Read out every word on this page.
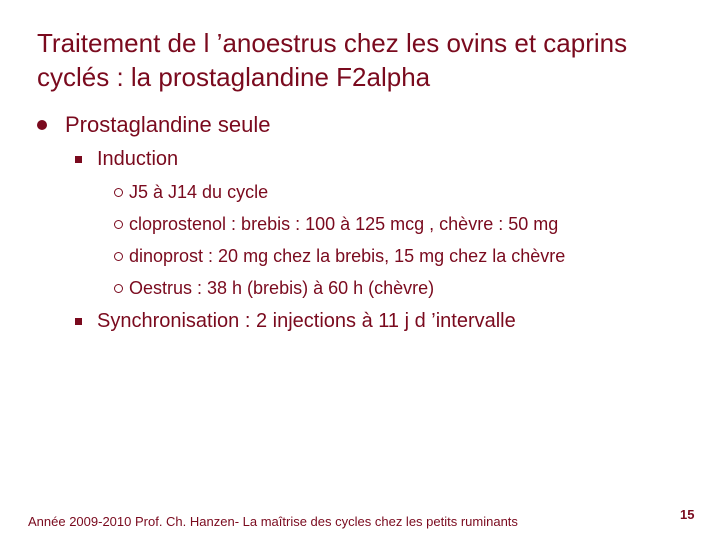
Traitement de l ’anoestrus chez les ovins et caprins cyclés : la prostaglandine F2alpha
Prostaglandine seule
Induction
J5 à J14 du cycle
cloprostenol : brebis : 100 à 125 mcg , chèvre : 50 mg
dinoprost : 20 mg chez la brebis, 15 mg chez la chèvre
Oestrus : 38 h (brebis) à 60 h (chèvre)
Synchronisation : 2 injections à 11 j d ’intervalle
Année 2009-2010 Prof. Ch. Hanzen- La maîtrise des cycles chez les petits ruminants	15
